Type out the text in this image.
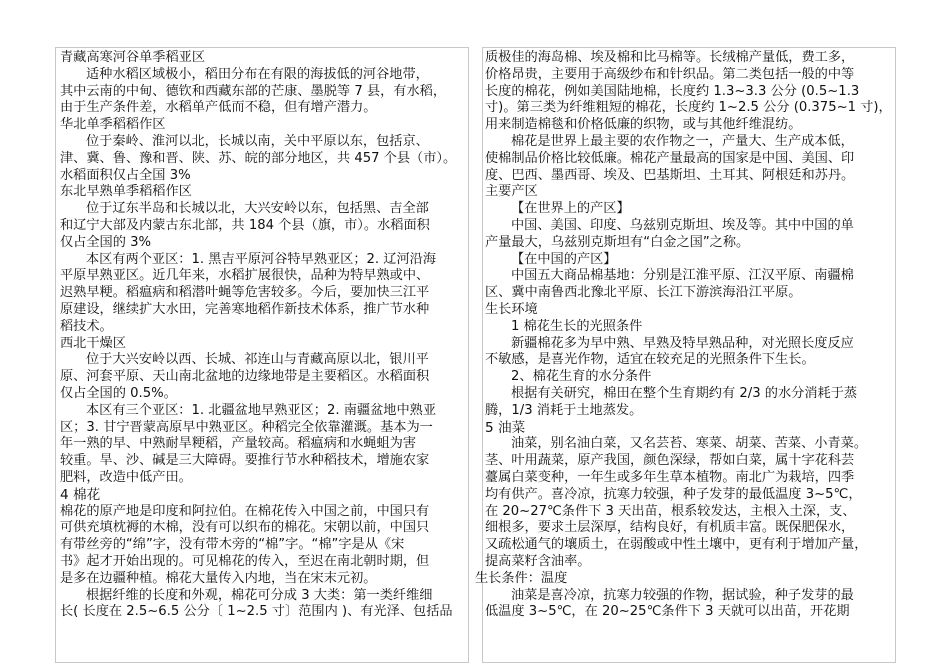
青藏高寒河谷单季稻亚区
适种水稻区域极小，稻田分布在有限的海拔低的河谷地带，
其中云南的中甸、德钦和西藏东部的芒康、墨脱等 7 县，有水稻，
由于生产条件差，水稻单产低而不稳，但有增产潜力。
华北单季稻稻作区
位于秦岭、淮河以北，长城以南，关中平原以东，包括京、
津、冀、鲁、豫和晋、陕、苏、皖的部分地区，共 457 个县（市）。
水稻面积仅占全国 3%
东北早熟单季稻稻作区
位于辽东半岛和长城以北，大兴安岭以东，包括黑、吉全部
和辽宁大部及内蒙古东北部，共 184 个县（旗，市）。水稻面积
仅占全国的 3%
本区有两个亚区：1. 黑吉平原河谷特早熟亚区；2. 辽河沿海
平原早熟亚区。近几年来，水稻扩展很快，品种为特早熟或中、
迟熟早粳。稻瘟病和稻潜叶蝇等危害较多。今后，要加快三江平
原建设，继续扩大水田，完善寒地稻作新技术体系，推广节水种
稻技术。
西北干燥区
位于大兴安岭以西、长城、祁连山与青藏高原以北，银川平
原、河套平原、天山南北盆地的边缘地带是主要稻区。水稻面积
仅占全国的 0.5%。
本区有三个亚区：1. 北疆盆地早熟亚区；2. 南疆盆地中熟亚
区；3. 甘宁晋蒙高原早中熟亚区。种稻完全依靠灌溉。基本为一
年一熟的早、中熟耐旱粳稻，产量较高。稻瘟病和水蝇蛆为害
较重。旱、沙、碱是三大障碍。要推行节水种稻技术，增施农家
肥料，改造中低产田。
4 棉花
棉花的原产地是印度和阿拉伯。在棉花传入中国之前，中国只有
可供充填枕褥的木棉，没有可以织布的棉花。宋朝以前，中国只
有带丝旁的“绵”字，没有带木旁的“棉”字。“棉”字是从《宋
书》起才开始出现的。可见棉花的传入，至迟在南北朝时期，但
是多在边疆种植。棉花大量传入内地，当在宋末元初。
根据纤维的长度和外观，棉花可分成 3 大类：第一类纤维细
长( 长度在 2.5~6.5 公分〔 1~2.5 寸〕范围内 )、有光泽、包括品
质极佳的海岛棉、埃及棉和比马棉等。长绒棉产量低，费工多，
价格昂贵，主要用于高级纱布和针织品。第二类包括一般的中等
长度的棉花，例如美国陆地棉，长度约 1.3~3.3 公分 (0.5~1.3
寸)。第三类为纤维粗短的棉花，长度约 1~2.5 公分 (0.375~1 寸)，
用来制造棉毯和价格低廉的织物，或与其他纤维混纺。
棉花是世界上最主要的农作物之一，产量大、生产成本低，
使棉制品价格比较低廉。棉花产量最高的国家是中国、美国、印
度、巴西、墨西哥、埃及、巴基斯坦、土耳其、阿根廷和苏丹。
主要产区
【在世界上的产区】
中国、美国、印度、乌兹别克斯坦、埃及等。其中中国的单
产量最大，乌兹别克斯坦有“白金之国”之称。
【在中国的产区】
中国五大商品棉基地：分别是江淮平原、江汉平原、南疆棉
区、冀中南鲁西北豫北平原、长江下游滨海沿江平原。
生长环境
1 棉花生长的光照条件
新疆棉花多为早中熟、早熟及特早熟品种，对光照长度反应
不敏感，是喜光作物，适宜在较充足的光照条件下生长。
2、棉花生育的水分条件
根据有关研究，棉田在整个生育期约有 2/3 的水分消耗于蒸
腾，1/3 消耗于土地蒸发。
5 油菜
油菜，别名油白菜，又名芸苔、寒菜、胡菜、苦菜、小青菜。
茎、叶用蔬菜，原产我国，颜色深绿，帮如白菜，属十字花科芸
薹属白菜变种，一年生或多年生草本植物。南北广为栽培，四季
均有供产。喜冷凉，抗寒力较强，种子发芽的最低温度 3~5℃，
在 20~27℃条件下 3 天出苗，根系较发达，主根入土深，支、
细根多，要求土层深厚，结构良好，有机质丰富。既保肥保水，
又疏松通气的壤质土，在弱酸或中性土壤中，更有利于增加产量，
提高菜籽含油率。
生长条件：温度
油菜是喜冷凉，抗寒力较强的作物，据试验，种子发芽的最
低温度 3~5℃，在 20~25℃条件下 3 天就可以出苗，开花期
